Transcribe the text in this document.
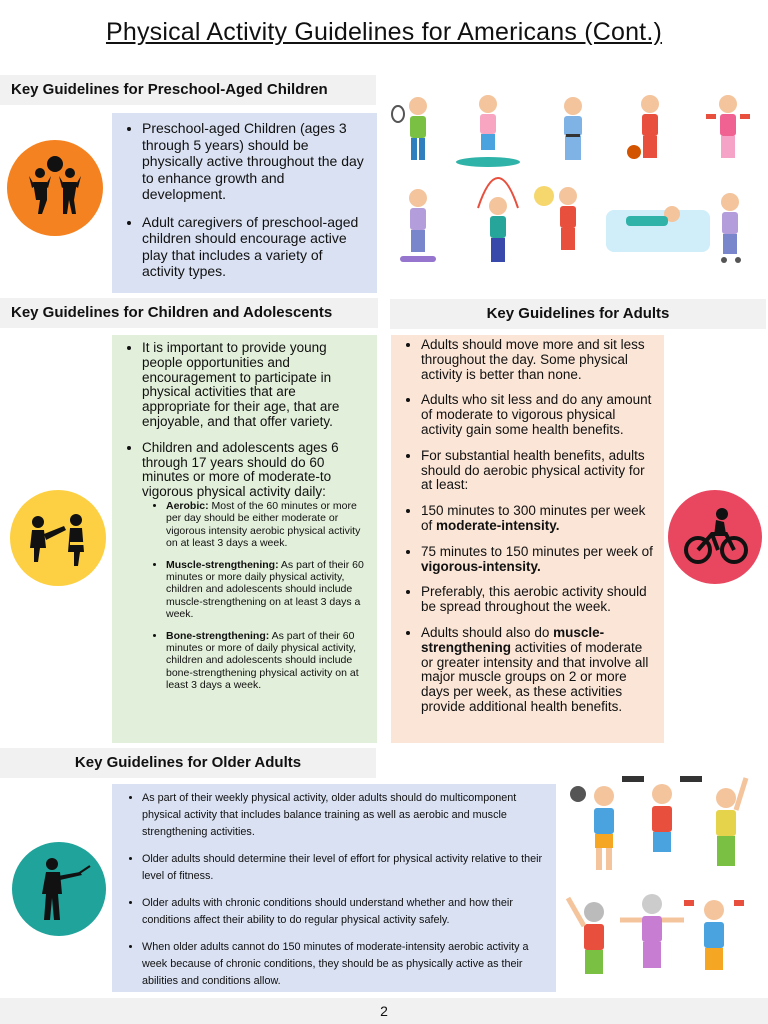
Physical Activity Guidelines for Americans (Cont.)
Key Guidelines for Preschool-Aged Children
• Preschool-aged Children (ages 3 through 5 years) should be physically active throughout the day to enhance growth and development.
• Adult caregivers of preschool-aged children should encourage active play that includes a variety of activity types.
Key Guidelines for Children and Adolescents
• It is important to provide young people opportunities and encouragement to participate in physical activities that are appropriate for their age, that are enjoyable, and that offer variety.
• Children and adolescents ages 6 through 17 years should do 60 minutes or more of moderate-to vigorous physical activity daily:
• Aerobic: Most of the 60 minutes or more per day should be either moderate or vigorous intensity aerobic physical activity on at least 3 days a week.
• Muscle-strengthening: As part of their 60 minutes or more daily physical activity, children and adolescents should include muscle-strengthening on at least 3 days a week.
• Bone-strengthening: As part of their 60 minutes or more of daily physical activity, children and adolescents should include bone-strengthening physical activity on at least 3 days a week.
Key Guidelines for Adults
• Adults should move more and sit less throughout the day. Some physical activity is better than none.
• Adults who sit less and do any amount of moderate to vigorous physical activity gain some health benefits.
• For substantial health benefits, adults should do aerobic physical activity for at least:
• 150 minutes to 300 minutes per week of moderate-intensity.
• 75 minutes to 150 minutes per week of vigorous-intensity.
• Preferably, this aerobic activity should be spread throughout the week.
• Adults should also do muscle-strengthening activities of moderate or greater intensity and that involve all major muscle groups on 2 or more days per week, as these activities provide additional health benefits.
Key Guidelines for Older Adults
• As part of their weekly physical activity, older adults should do multicomponent physical activity that includes balance training as well as aerobic and muscle strengthening activities.
• Older adults should determine their level of effort for physical activity relative to their level of fitness.
• Older adults with chronic conditions should understand whether and how their conditions affect their ability to do regular physical activity safely.
• When older adults cannot do 150 minutes of moderate-intensity aerobic activity a week because of chronic conditions, they should be as physically active as their abilities and conditions allow.
2
